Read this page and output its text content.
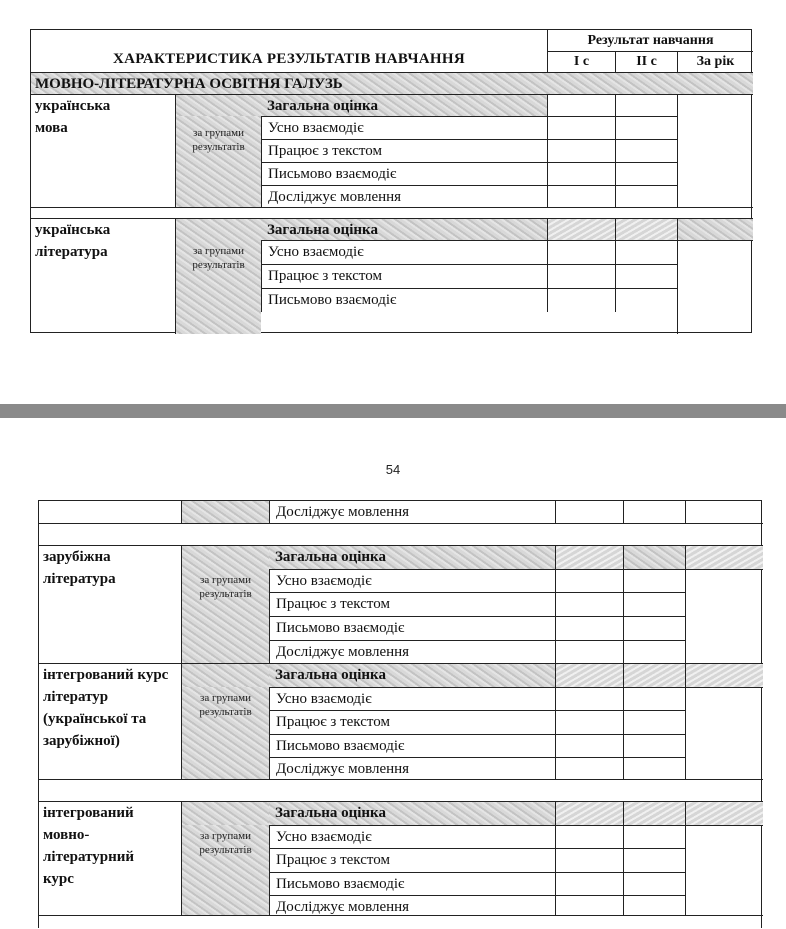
ХАРАКТЕРИСТИКА РЕЗУЛЬТАТІВ НАВЧАННЯ
Результат навчання
І с	ІІ с	За рік
МОВНО-ЛІТЕРАТУРНА ОСВІТНЯ ГАЛУЗЬ
українська мова
Загальна оцінка
за групами результатів
Усно взаємодіє
Працює з текстом
Письмово взаємодіє
Досліджує мовлення
українська література
Загальна оцінка
за групами результатів
Усно взаємодіє
Працює з текстом
Письмово взаємодіє
54
Досліджує мовлення
зарубіжна література
Загальна оцінка
за групами результатів
Усно взаємодіє
Працює з текстом
Письмово взаємодіє
Досліджує мовлення
інтегрований курс літератур (української та зарубіжної)
Загальна оцінка
за групами результатів
Усно взаємодіє
Працює з текстом
Письмово взаємодіє
Досліджує мовлення
інтегрований мовно-літературний курс
Загальна оцінка
за групами результатів
Усно взаємодіє
Працює з текстом
Письмово взаємодіє
Досліджує мовлення
